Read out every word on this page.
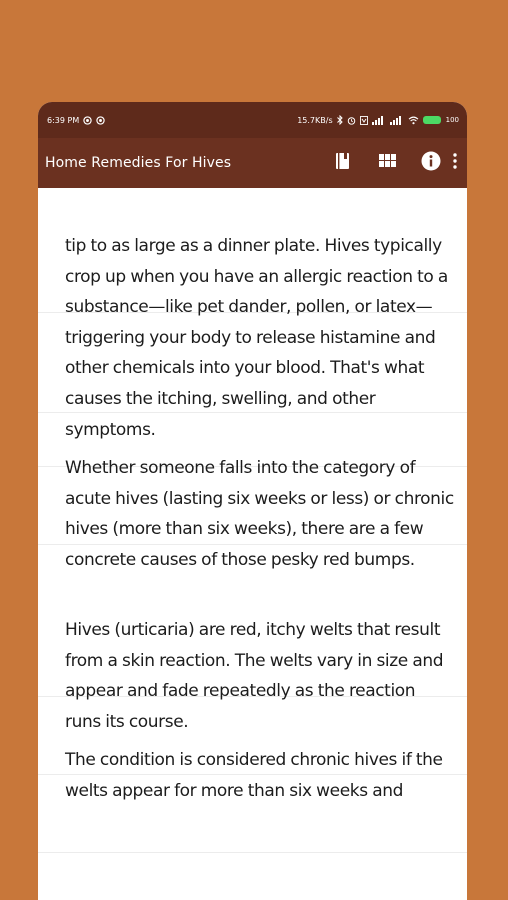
6:39 PM	15.7KB/s	100
Home Remedies For Hives

tip to as large as a dinner plate. Hives typically crop up when you have an allergic reaction to a substance—like pet dander, pollen, or latex—triggering your body to release histamine and other chemicals into your blood. That's what causes the itching, swelling, and other symptoms.

Whether someone falls into the category of acute hives (lasting six weeks or less) or chronic hives (more than six weeks), there are a few concrete causes of those pesky red bumps.

Hives (urticaria) are red, itchy welts that result from a skin reaction. The welts vary in size and appear and fade repeatedly as the reaction runs its course.

The condition is considered chronic hives if the welts appear for more than six weeks and
